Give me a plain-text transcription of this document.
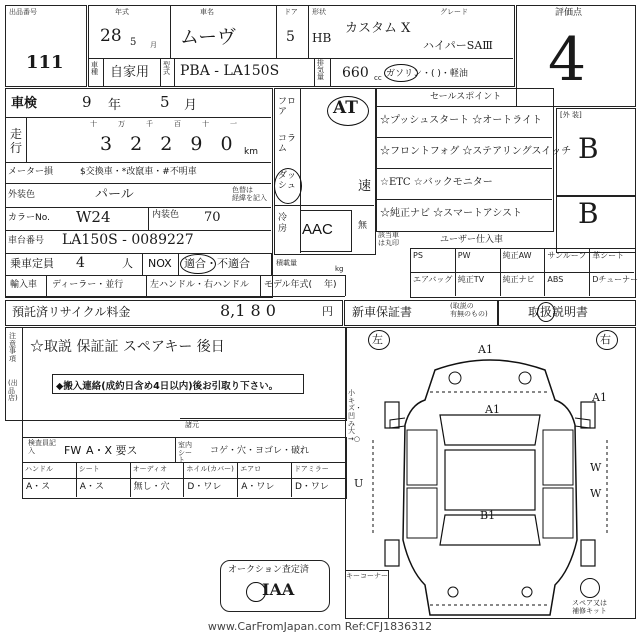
出品番号
111
年式
28 5 月
車名
ムーヴ
ドア
5
形状
HB
グレード
カスタム X
ハイパーSAⅢ
車種 自家用 型式 PBA - LA150S	排気量 660 cc ガソリン・( )・軽油
評価点
4
車検	9 年	5 月
走行
十	万	千	百	十	一
3 2 2 9 0 km
メーター損	$交換車・*改竄車・#不明車
外装色	パール	色替は
経緯を記入
カラーNo. W24	内装色 70
車台番号 LA150S - 0089227
乗車定員 4	人 NOX 適合・不適合	積載量
kg
輸入車 ディーラー・並行	左ハンドル・右ハンドル モデル年式( 年)
預託済リサイクル料金	8,1 8 0	円
フロア
コラム
ダッシュ
AT
速
冷房 AAC	無
セールスポイント
☆プッシュスタート ☆オートライト
☆フロントフォグ ☆ステアリングスイッチ
☆ETC ☆バックモニター
☆純正ナビ ☆スマートアシスト
該当車
は丸印	ユーザー仕入車
[外 装]
B
B
PS	PW	純正AW サンルーフ 革シート
エアバッグ 純正TV 純正ナビ ABS	Dチューナー
新車保証書	(取説の
有無のもの)	取扱説明書
注意事項
(出品店)
☆取説 保証証 スペアキー 後日
◆搬入連絡(成約日含め4日以内)後お引取り下さい。
諸元
検査員記入	FW A・X 要ス	室内シート
コゲ・穴・ヨゴレ・破れ
ハンドル
A・ス
シート
A・ス
オーディオ
無し・穴
ホイル(カバー)
D・ワレ
エアロ
A・ワレ
ドアミラー
D・ワレ
左	右
小キズ・凹み大→○
A1
A1
A1
W
W
U
B1
キーコーナー
スペア又は
補修キット
オークション査定済
IAA
www.CarFromJapan.com Ref:CFJ1836312
